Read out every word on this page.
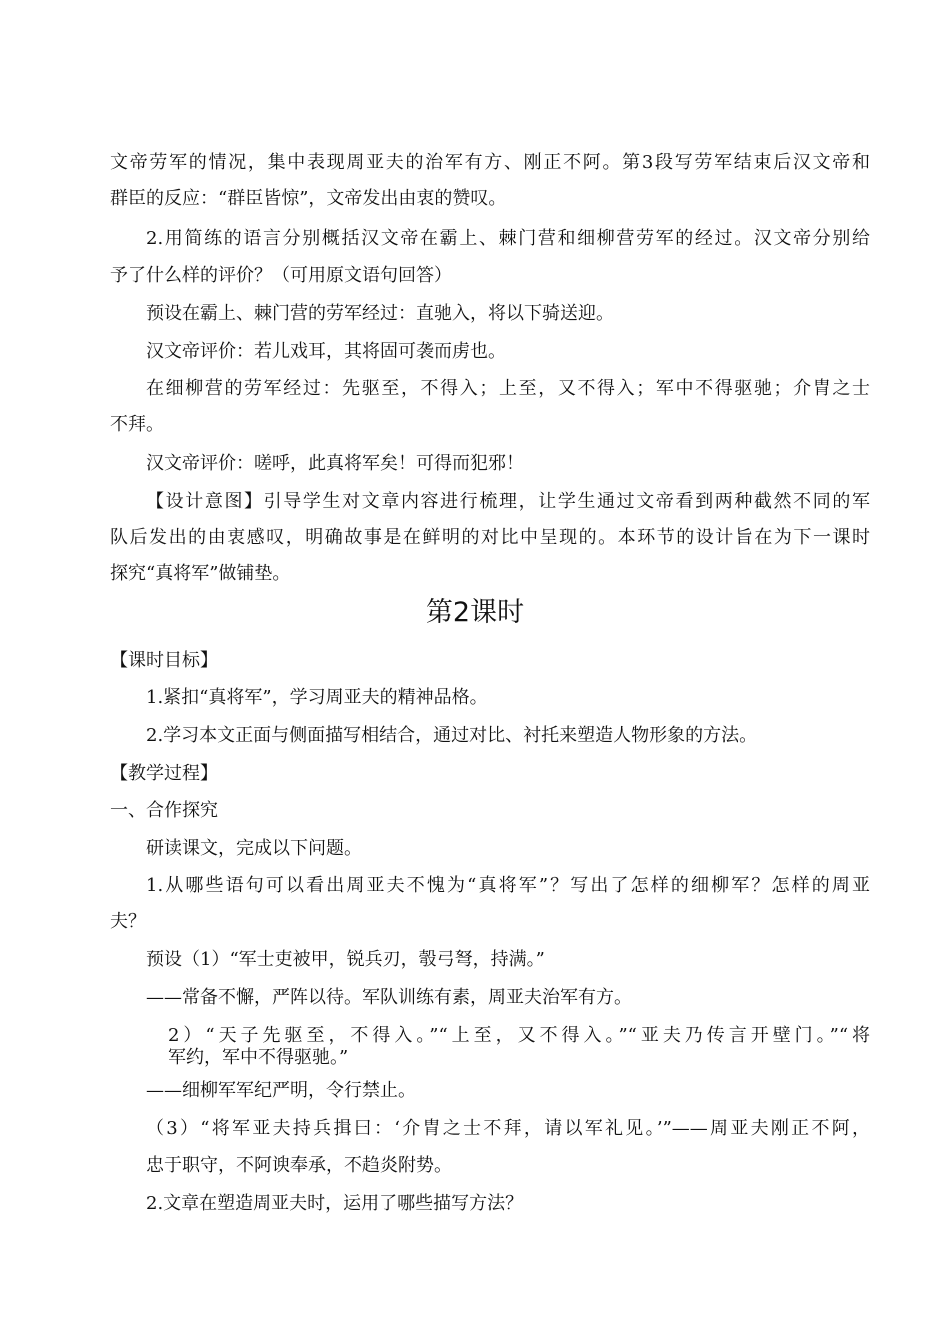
文帝劳军的情况，集中表现周亚夫的治军有方、刚正不阿。第3段写劳军结束后汉文帝和
群臣的反应：“群臣皆惊”，文帝发出由衷的赞叹。
2.用简练的语言分别概括汉文帝在霸上、棘门营和细柳营劳军的经过。汉文帝分别给
予了什么样的评价？（可用原文语句回答）
预设在霸上、棘门营的劳军经过：直驰入，将以下骑送迎。
汉文帝评价：若儿戏耳，其将固可袭而虏也。
在细柳营的劳军经过：先驱至，不得入；上至，又不得入；军中不得驱驰；介胄之士
不拜。
汉文帝评价：嗟呼，此真将军矣！可得而犯邪！
【设计意图】引导学生对文章内容进行梳理，让学生通过文帝看到两种截然不同的军
队后发出的由衷感叹，明确故事是在鲜明的对比中呈现的。本环节的设计旨在为下一课时
探究“真将军”做铺垫。
第2课时
【课时目标】
1.紧扣“真将军”，学习周亚夫的精神品格。
2.学习本文正面与侧面描写相结合，通过对比、衬托来塑造人物形象的方法。
【教学过程】
一、合作探究
研读课文，完成以下问题。
1.从哪些语句可以看出周亚夫不愧为“真将军”？写出了怎样的细柳军？怎样的周亚
夫？
预设（1）“军士吏被甲，锐兵刃，彀弓弩，持满。”
——常备不懈，严阵以待。军队训练有素，周亚夫治军有方。
2）“天子先驱至，不得入。”“上至，又不得入。”“亚夫乃传言开壁门。”“将
军约，军中不得驱驰。”
——细柳军军纪严明，令行禁止。
（3）“将军亚夫持兵揖曰：‘介胄之士不拜，请以军礼见。’”——周亚夫刚正不阿，
忠于职守，不阿谀奉承，不趋炎附势。
2.文章在塑造周亚夫时，运用了哪些描写方法？
